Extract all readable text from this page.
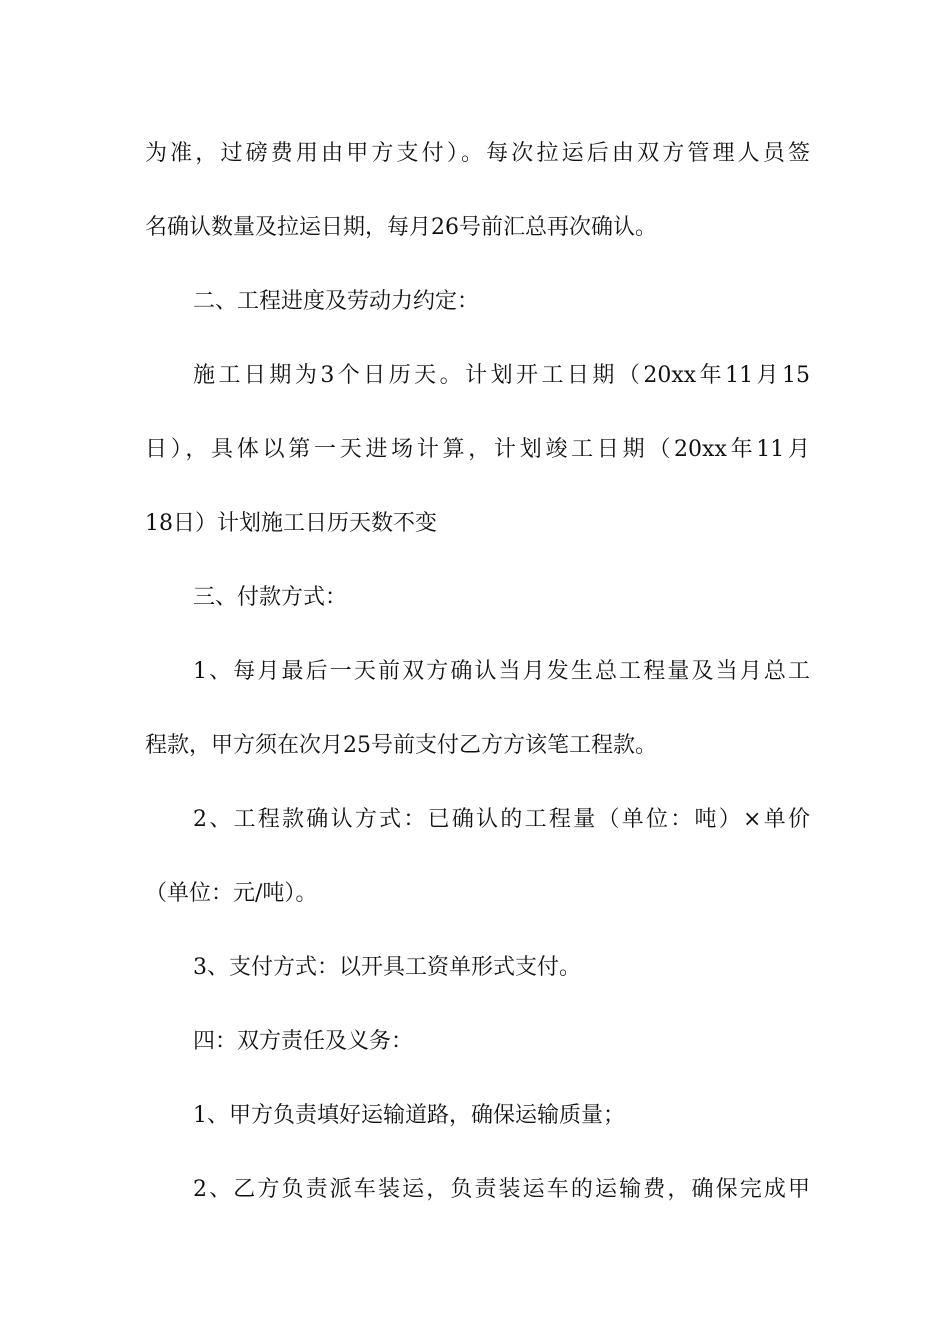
为准，过磅费用由甲方支付）。每次拉运后由双方管理人员签
名确认数量及拉运日期，每月26号前汇总再次确认。
二、工程进度及劳动力约定：
施工日期为3个日历天。计划开工日期（20xx年11月15
日），具体以第一天进场计算，计划竣工日期（20xx年11月
18日）计划施工日历天数不变
三、付款方式：
1、每月最后一天前双方确认当月发生总工程量及当月总工
程款，甲方须在次月25号前支付乙方方该笔工程款。
2、工程款确认方式：已确认的工程量（单位：吨）×单价
（单位：元/吨）。
3、支付方式：以开具工资单形式支付。
四：双方责任及义务：
1、甲方负责填好运输道路，确保运输质量；
2、乙方负责派车装运，负责装运车的运输费，确保完成甲
